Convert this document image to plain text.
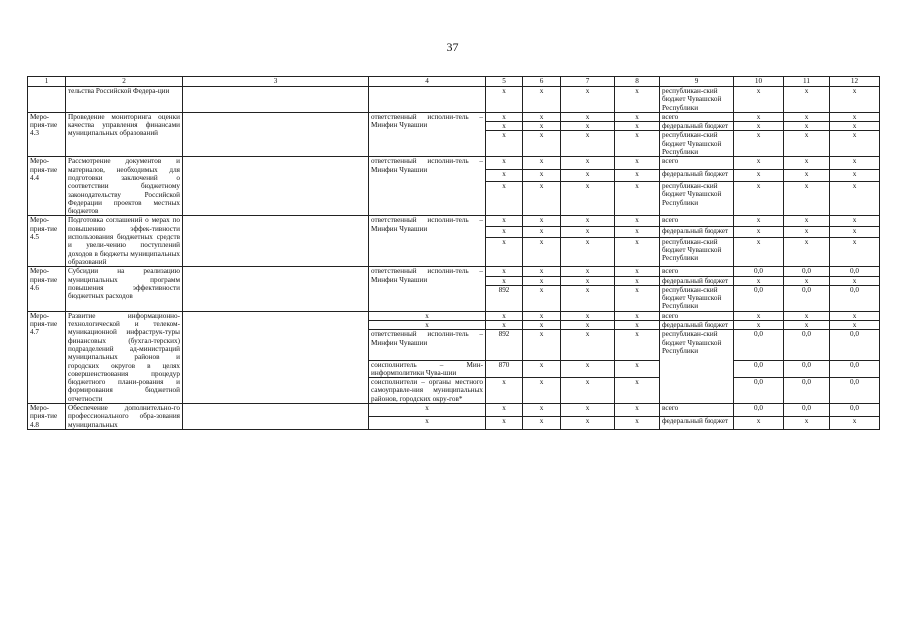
37
1	2	3	4	5	6	7	8	9	10	11	12
	тельства Российской Федера-ции			x	x	x	x	республикан-ский бюджет Чувашской Республики	x	x	x
Меро-прия-тие 4.3	Проведение мониторинга оценки качества управления финансами муниципальных образований		ответственный исполни-тель – Минфин Чувашии	x	x	x	x	всего	x	x	x
				x	x	x	x	федеральный бюджет	x	x	x
				x	x	x	x	республикан-ский бюджет Чувашской Республики	x	x	x
Меро-прия-тие 4.4	Рассмотрение документов и материалов, необходимых для подготовки заключений о соответствии бюджетному законодательству Российской Федерации проектов местных бюджетов		ответственный исполни-тель – Минфин Чувашии	x	x	x	x	всего	x	x	x
				x	x	x	x	федеральный бюджет	x	x	x
				x	x	x	x	республикан-ский бюджет Чувашской Республики	x	x	x
Меро-прия-тие 4.5	Подготовка соглашений о мерах по повышению эффек-тивности использования бюджетных средств и увели-чению поступлений доходов в бюджеты муниципальных образований		ответственный исполни-тель – Минфин Чувашии	x	x	x	x	всего	x	x	x
				x	x	x	x	федеральный бюджет	x	x	x
				x	x	x	x	республикан-ский бюджет Чувашской Республики	x	x	x
Меро-прия-тие 4.6	Субсидии на реализацию муниципальных программ повышения эффективности бюджетных расходов		ответственный исполни-тель – Минфин Чувашии	x	x	x	x	всего	0,0	0,0	0,0
				x	x	x	x	федеральный бюджет	x	x	x
				892	x	x	x	республикан-ский бюджет Чувашской Республики	0,0	0,0	0,0
Меро-прия-тие 4.7	Развитие информационно-технологической и телеком-муникационной инфраструк-туры финансовых (бухгал-терских) подразделений ад-министраций муниципальных районов и городских округов в целях совершенствования процедур бюджетного плани-рования и формирования бюджетной отчетности		x	x	x	x	x	всего	x	x	x
			x	x	x	x	x	федеральный бюджет	x	x	x
			ответственный исполни-тель – Минфин Чувашии	892	x	x	x	республикан-ский бюджет Чувашской Республики	0,0	0,0	0,0
			соисполнитель – Мин-информполитики Чува-шии	870	x	x	x		0,0	0,0	0,0
			соисполнители – органы местного самоуправле-ния муниципальных районов, городских окру-гов*	x	x	x	x		0,0	0,0	0,0
Меро-прия-тие 4.8	Обеспечение дополнительно-го профессионального обра-зования муниципальных		x	x	x	x	x	всего	0,0	0,0	0,0
			x	x	x	x	x	федеральный бюджет	x	x	x
